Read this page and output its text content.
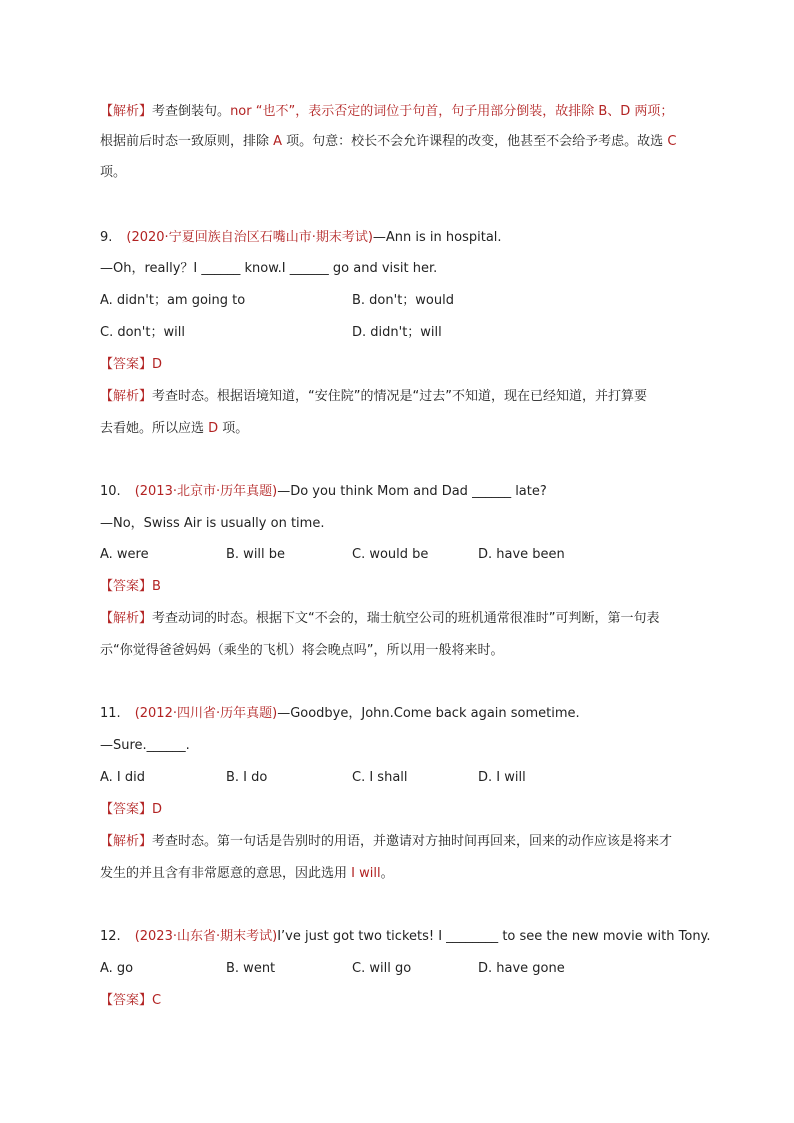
【解析】考查倒装句。nor “也不”，表示否定的词位于句首，句子用部分倒装，故排除 B、D 两项；
根据前后时态一致原则，排除 A 项。句意：校长不会允许课程的改变，他甚至不会给予考虑。故选 C
项。
9. (2020·宁夏回族自治区石嘴山市·期末考试)—Ann is in hospital.
—Oh，really？I ______ know.I ______ go and visit her.
A. didn't；am going to	B. don't；would
C. don't；will	D. didn't；will
【答案】D
【解析】考查时态。根据语境知道，“安住院”的情况是“过去”不知道，现在已经知道，并打算要
去看她。所以应选 D 项。
10. (2013·北京市·历年真题)—Do you think Mom and Dad ______ late?
—No，Swiss Air is usually on time.
A. were	B. will be	C. would be	D. have been
【答案】B
【解析】考查动词的时态。根据下文“不会的，瑞士航空公司的班机通常很准时”可判断，第一句表
示“你觉得爸爸妈妈（乘坐的飞机）将会晚点吗”，所以用一般将来时。
11. (2012·四川省·历年真题)—Goodbye，John.Come back again sometime.
—Sure.______.
A. I did	B. I do	C. I shall	D. I will
【答案】D
【解析】考查时态。第一句话是告别时的用语，并邀请对方抽时间再回来，回来的动作应该是将来才
发生的并且含有非常愿意的意思，因此选用 I will。
12. (2023·山东省·期末考试)I’ve just got two tickets! I ________ to see the new movie with Tony.
A. go	B. went	C. will go	D. have gone
【答案】C
